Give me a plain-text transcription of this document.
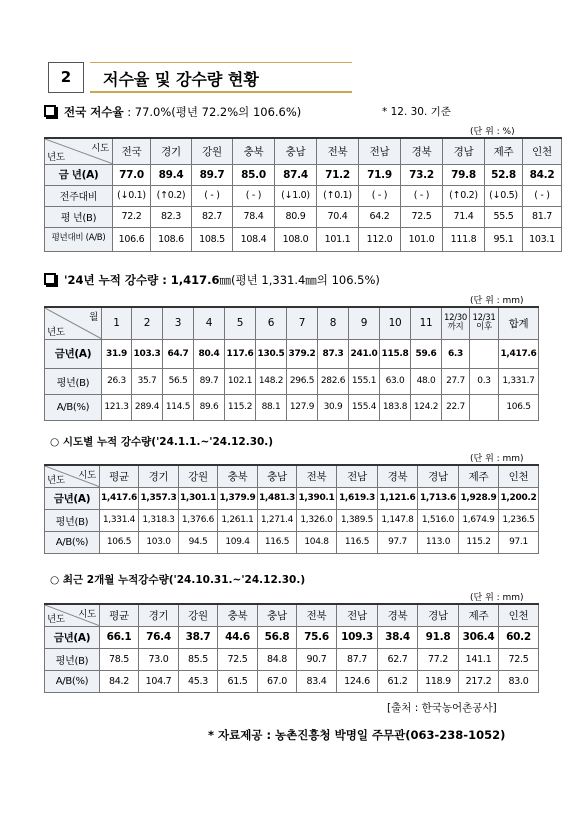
2	저수율 및 강수량 현황
전국 저수율 : 77.0%(평년 72.2%의 106.6%)	* 12. 30. 기준
(단 위 : %)
시도
년도	전국	경기	강원	충북	충남	전북	전남	경북	경남	제주	인천
금 년(A)	77.0	89.4	89.7	85.0	87.4	71.2	71.9	73.2	79.8	52.8	84.2
전주대비	(↓0.1)	(↑0.2)	( - )	( - )	(↓1.0)	(↑0.1)	( - )	( - )	(↑0.2)	(↓0.5)	( - )
평 년(B)	72.2	82.3	82.7	78.4	80.9	70.4	64.2	72.5	71.4	55.5	81.7
평년대비 (A/B)	106.6	108.6	108.5	108.4	108.0	101.1	112.0	101.0	111.8	95.1	103.1
'24년 누적 강수량 : 1,417.6㎜(평년 1,331.4㎜의 106.5%)
(단 위 : mm)
월
년도	1	2	3	4	5	6	7	8	9	10	11	12/30까지	12/31이후	합계
금년(A)	31.9	103.3	64.7	80.4	117.6	130.5	379.2	87.3	241.0	115.8	59.6	6.3		1,417.6
평년(B)	26.3	35.7	56.5	89.7	102.1	148.2	296.5	282.6	155.1	63.0	48.0	27.7	0.3	1,331.7
A/B(%)	121.3	289.4	114.5	89.6	115.2	88.1	127.9	30.9	155.4	183.8	124.2	22.7		106.5
○ 시도별 누적 강수량('24.1.1.~'24.12.30.)
(단 위 : mm)
시도
년도	평균	경기	강원	충북	충남	전북	전남	경북	경남	제주	인천
금년(A)	1,417.6	1,357.3	1,301.1	1,379.9	1,481.3	1,390.1	1,619.3	1,121.6	1,713.6	1,928.9	1,200.2
평년(B)	1,331.4	1,318.3	1,376.6	1,261.1	1,271.4	1,326.0	1,389.5	1,147.8	1,516.0	1,674.9	1,236.5
A/B(%)	106.5	103.0	94.5	109.4	116.5	104.8	116.5	97.7	113.0	115.2	97.1
○ 최근 2개월 누적강수량('24.10.31.~'24.12.30.)
(단 위 : mm)
시도
년도	평균	경기	강원	충북	충남	전북	전남	경북	경남	제주	인천
금년(A)	66.1	76.4	38.7	44.6	56.8	75.6	109.3	38.4	91.8	306.4	60.2
평년(B)	78.5	73.0	85.5	72.5	84.8	90.7	87.7	62.7	77.2	141.1	72.5
A/B(%)	84.2	104.7	45.3	61.5	67.0	83.4	124.6	61.2	118.9	217.2	83.0
[출처 : 한국농어촌공사]
* 자료제공 : 농촌진흥청 박명일 주무관(063-238-1052)
